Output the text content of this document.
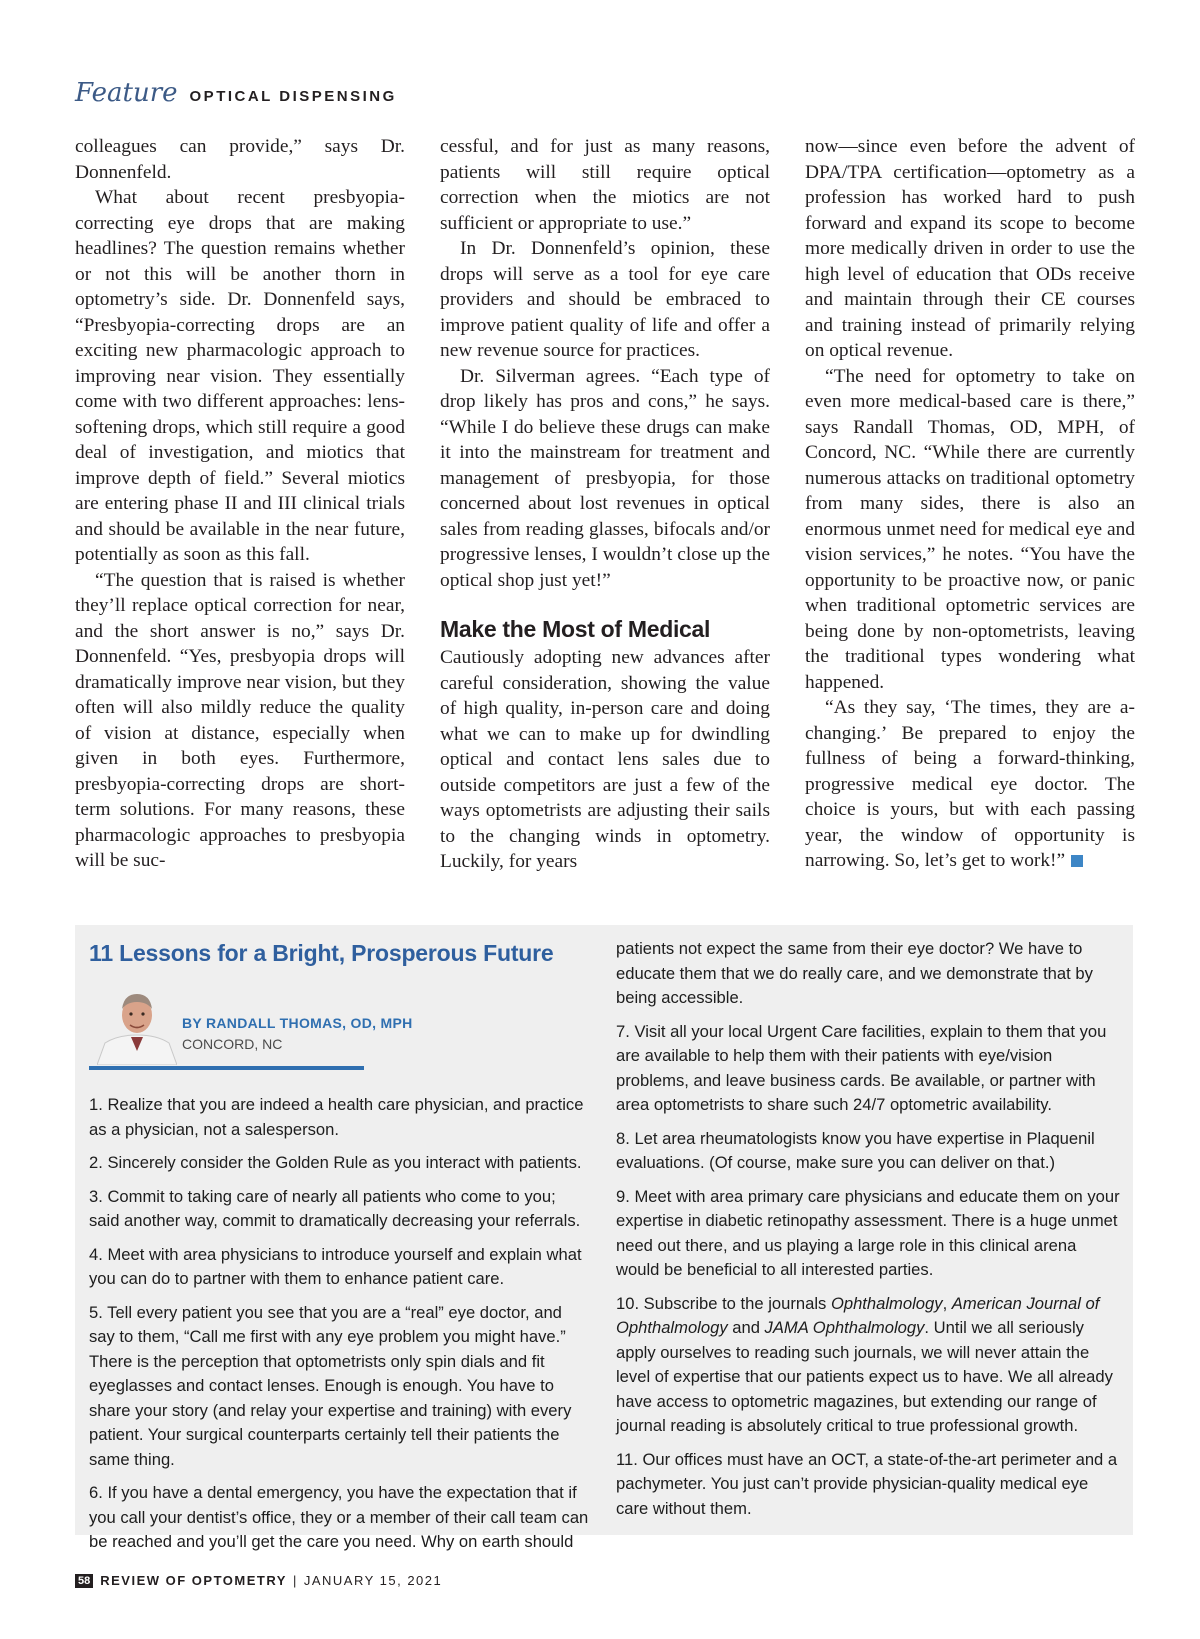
Feature OPTICAL DISPENSING

colleagues can provide,” says Dr. Donnenfeld.

What about recent presbyopia-correcting eye drops that are making headlines? The question remains whether or not this will be another thorn in optometry’s side. Dr. Donnenfeld says, “Presbyopia-correcting drops are an exciting new pharmacologic approach to improving near vision. They essentially come with two different approaches: lens-softening drops, which still require a good deal of investigation, and miotics that improve depth of field.” Several miotics are entering phase II and III clinical trials and should be available in the near future, potentially as soon as this fall.

“The question that is raised is whether they’ll replace optical correction for near, and the short answer is no,” says Dr. Donnenfeld. “Yes, presbyopia drops will dramatically improve near vision, but they often will also mildly reduce the quality of vision at distance, especially when given in both eyes. Furthermore, presbyopia-correcting drops are short-term solutions. For many reasons, these pharmacologic approaches to presbyopia will be suc-

cessful, and for just as many reasons, patients will still require optical correction when the miotics are not sufficient or appropriate to use.”

In Dr. Donnenfeld’s opinion, these drops will serve as a tool for eye care providers and should be embraced to improve patient quality of life and offer a new revenue source for practices.

Dr. Silverman agrees. “Each type of drop likely has pros and cons,” he says. “While I do believe these drugs can make it into the mainstream for treatment and management of presbyopia, for those concerned about lost revenues in optical sales from reading glasses, bifocals and/or progressive lenses, I wouldn’t close up the optical shop just yet!”

Make the Most of Medical

Cautiously adopting new advances after careful consideration, showing the value of high quality, in-person care and doing what we can to make up for dwindling optical and contact lens sales due to outside competitors are just a few of the ways optometrists are adjusting their sails to the changing winds in optometry. Luckily, for years

now—since even before the advent of DPA/TPA certification—optometry as a profession has worked hard to push forward and expand its scope to become more medically driven in order to use the high level of education that ODs receive and maintain through their CE courses and training instead of primarily relying on optical revenue.

“The need for optometry to take on even more medical-based care is there,” says Randall Thomas, OD, MPH, of Concord, NC. “While there are currently numerous attacks on traditional optometry from many sides, there is also an enormous unmet need for medical eye and vision services,” he notes. “You have the opportunity to be proactive now, or panic when traditional optometric services are being done by non-optometrists, leaving the traditional types wondering what happened.

“As they say, ‘The times, they are a-changing.’ Be prepared to enjoy the fullness of being a forward-thinking, progressive medical eye doctor. The choice is yours, but with each passing year, the window of opportunity is narrowing. So, let’s get to work!”

11 Lessons for a Bright, Prosperous Future
BY RANDALL THOMAS, OD, MPH
CONCORD, NC

1. Realize that you are indeed a health care physician, and practice as a physician, not a salesperson.

2. Sincerely consider the Golden Rule as you interact with patients.

3. Commit to taking care of nearly all patients who come to you; said another way, commit to dramatically decreasing your referrals.

4. Meet with area physicians to introduce yourself and explain what you can do to partner with them to enhance patient care.

5. Tell every patient you see that you are a “real” eye doctor, and say to them, “Call me first with any eye problem you might have.” There is the perception that optometrists only spin dials and fit eyeglasses and contact lenses. Enough is enough. You have to share your story (and relay your expertise and training) with every patient. Your surgical counterparts certainly tell their patients the same thing.

6. If you have a dental emergency, you have the expectation that if you call your dentist’s office, they or a member of their call team can be reached and you’ll get the care you need. Why on earth should

patients not expect the same from their eye doctor? We have to educate them that we do really care, and we demonstrate that by being accessible.

7. Visit all your local Urgent Care facilities, explain to them that you are available to help them with their patients with eye/vision problems, and leave business cards. Be available, or partner with area optometrists to share such 24/7 optometric availability.

8. Let area rheumatologists know you have expertise in Plaquenil evaluations. (Of course, make sure you can deliver on that.)

9. Meet with area primary care physicians and educate them on your expertise in diabetic retinopathy assessment. There is a huge unmet need out there, and us playing a large role in this clinical arena would be beneficial to all interested parties.

10. Subscribe to the journals Ophthalmology, American Journal of Ophthalmology and JAMA Ophthalmology. Until we all seriously apply ourselves to reading such journals, we will never attain the level of expertise that our patients expect us to have. We all already have access to optometric magazines, but extending our range of journal reading is absolutely critical to true professional growth.

11. Our offices must have an OCT, a state-of-the-art perimeter and a pachymeter. You just can’t provide physician-quality medical eye care without them.

58 REVIEW OF OPTOMETRY | JANUARY 15, 2021
